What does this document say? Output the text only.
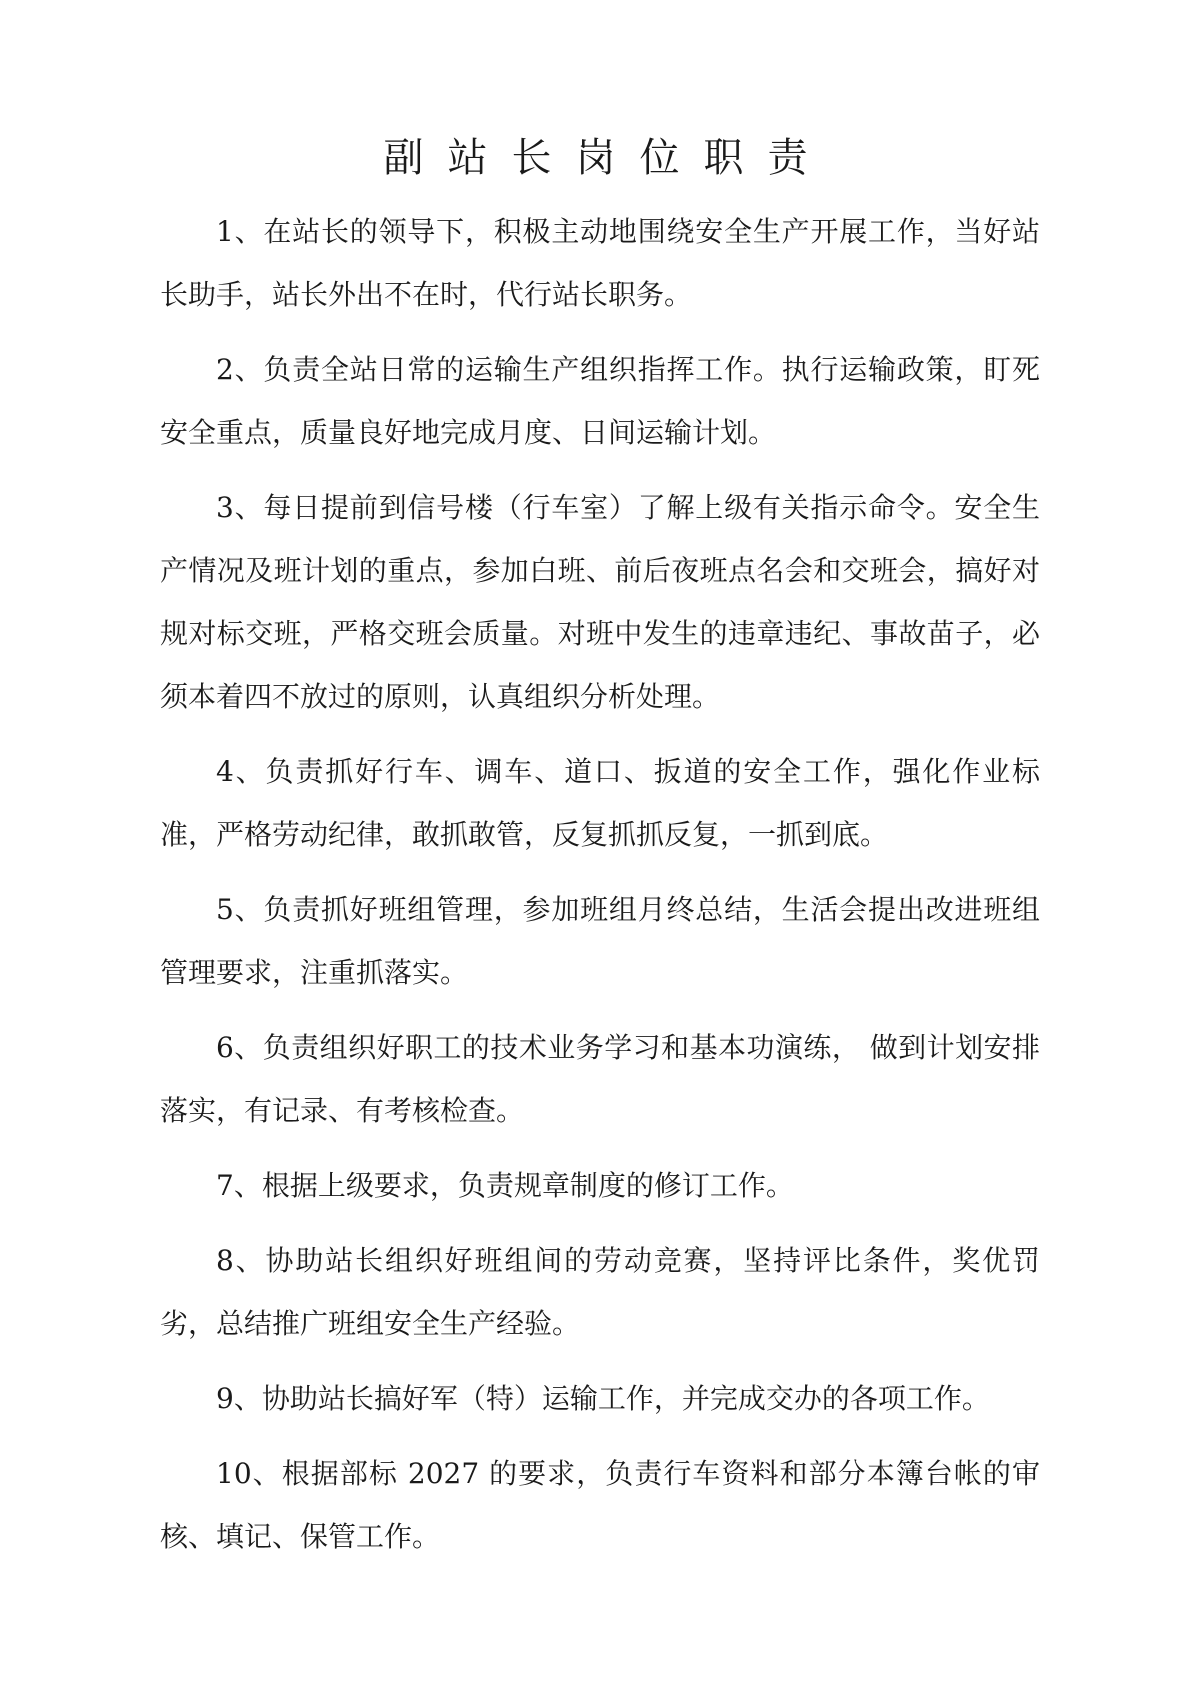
副站长岗位职责

1、在站长的领导下，积极主动地围绕安全生产开展工作，当好站长助手，站长外出不在时，代行站长职务。

2、负责全站日常的运输生产组织指挥工作。执行运输政策，盯死安全重点，质量良好地完成月度、日间运输计划。

3、每日提前到信号楼（行车室）了解上级有关指示命令。安全生产情况及班计划的重点，参加白班、前后夜班点名会和交班会，搞好对规对标交班，严格交班会质量。对班中发生的违章违纪、事故苗子，必须本着四不放过的原则，认真组织分析处理。

4、负责抓好行车、调车、道口、扳道的安全工作，强化作业标准，严格劳动纪律，敢抓敢管，反复抓抓反复，一抓到底。

5、负责抓好班组管理，参加班组月终总结，生活会提出改进班组管理要求，注重抓落实。

6、负责组织好职工的技术业务学习和基本功演练， 做到计划安排落实，有记录、有考核检查。

7、根据上级要求，负责规章制度的修订工作。

8、协助站长组织好班组间的劳动竞赛，坚持评比条件，奖优罚劣，总结推广班组安全生产经验。

9、协助站长搞好军（特）运输工作，并完成交办的各项工作。

10、根据部标 2027 的要求，负责行车资料和部分本簿台帐的审核、填记、保管工作。
